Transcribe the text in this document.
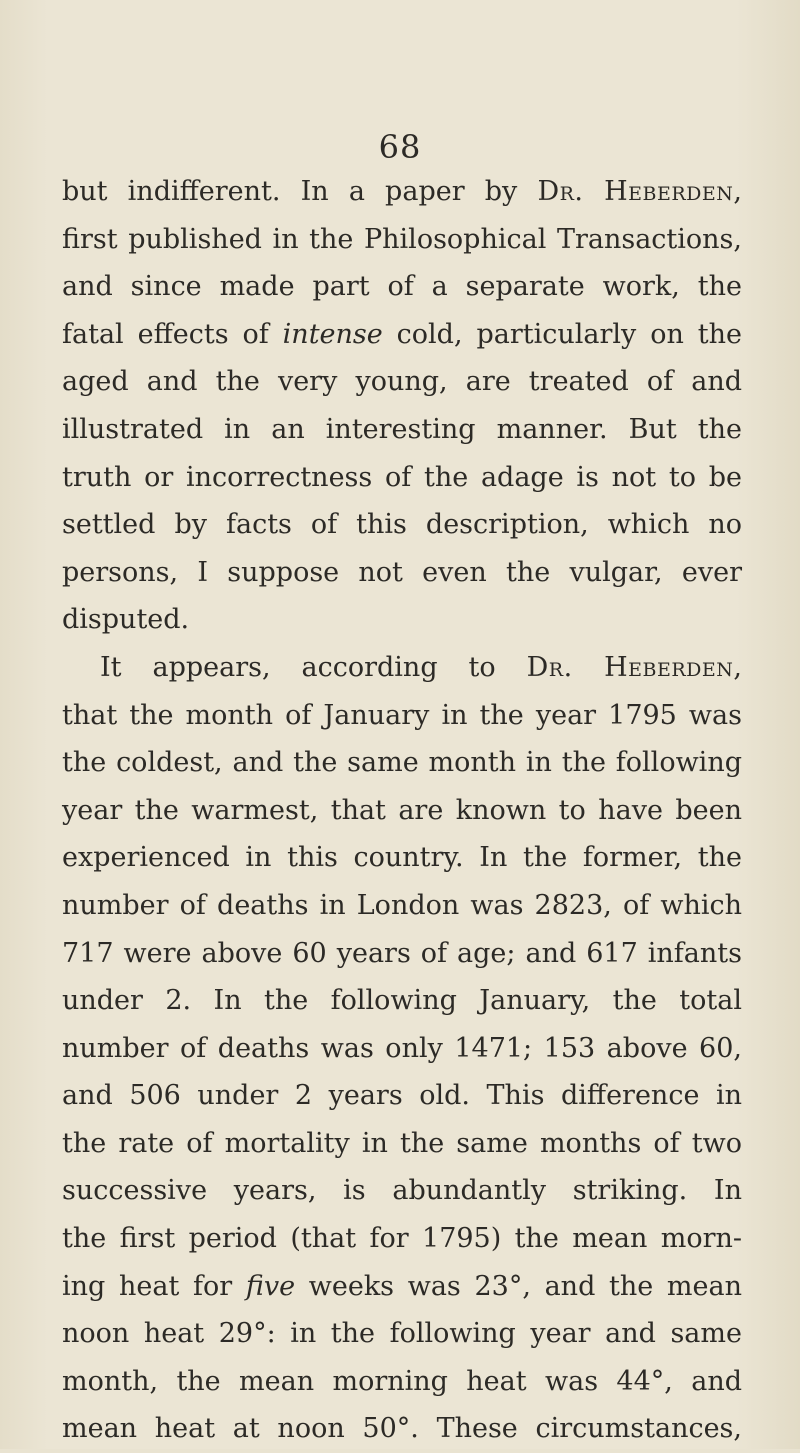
68
but indifferent. In a paper by Dr. Heberden,
first published in the Philosophical Transactions,
and since made part of a separate work, the
fatal effects of intense cold, particularly on the
aged and the very young, are treated of and
illustrated in an interesting manner. But the
truth or incorrectness of the adage is not to be
settled by facts of this description, which no
persons, I suppose not even the vulgar, ever
disputed.
It appears, according to Dr. Heberden,
that the month of January in the year 1795 was
the coldest, and the same month in the following
year the warmest, that are known to have been
experienced in this country. In the former, the
number of deaths in London was 2823, of which
717 were above 60 years of age; and 617 infants
under 2. In the following January, the total
number of deaths was only 1471; 153 above 60,
and 506 under 2 years old. This difference in
the rate of mortality in the same months of two
successive years, is abundantly striking. In
the first period (that for 1795) the mean morn-
ing heat for five weeks was 23°, and the mean
noon heat 29°: in the following year and same
month, the mean morning heat was 44°, and
mean heat at noon 50°. These circumstances,
